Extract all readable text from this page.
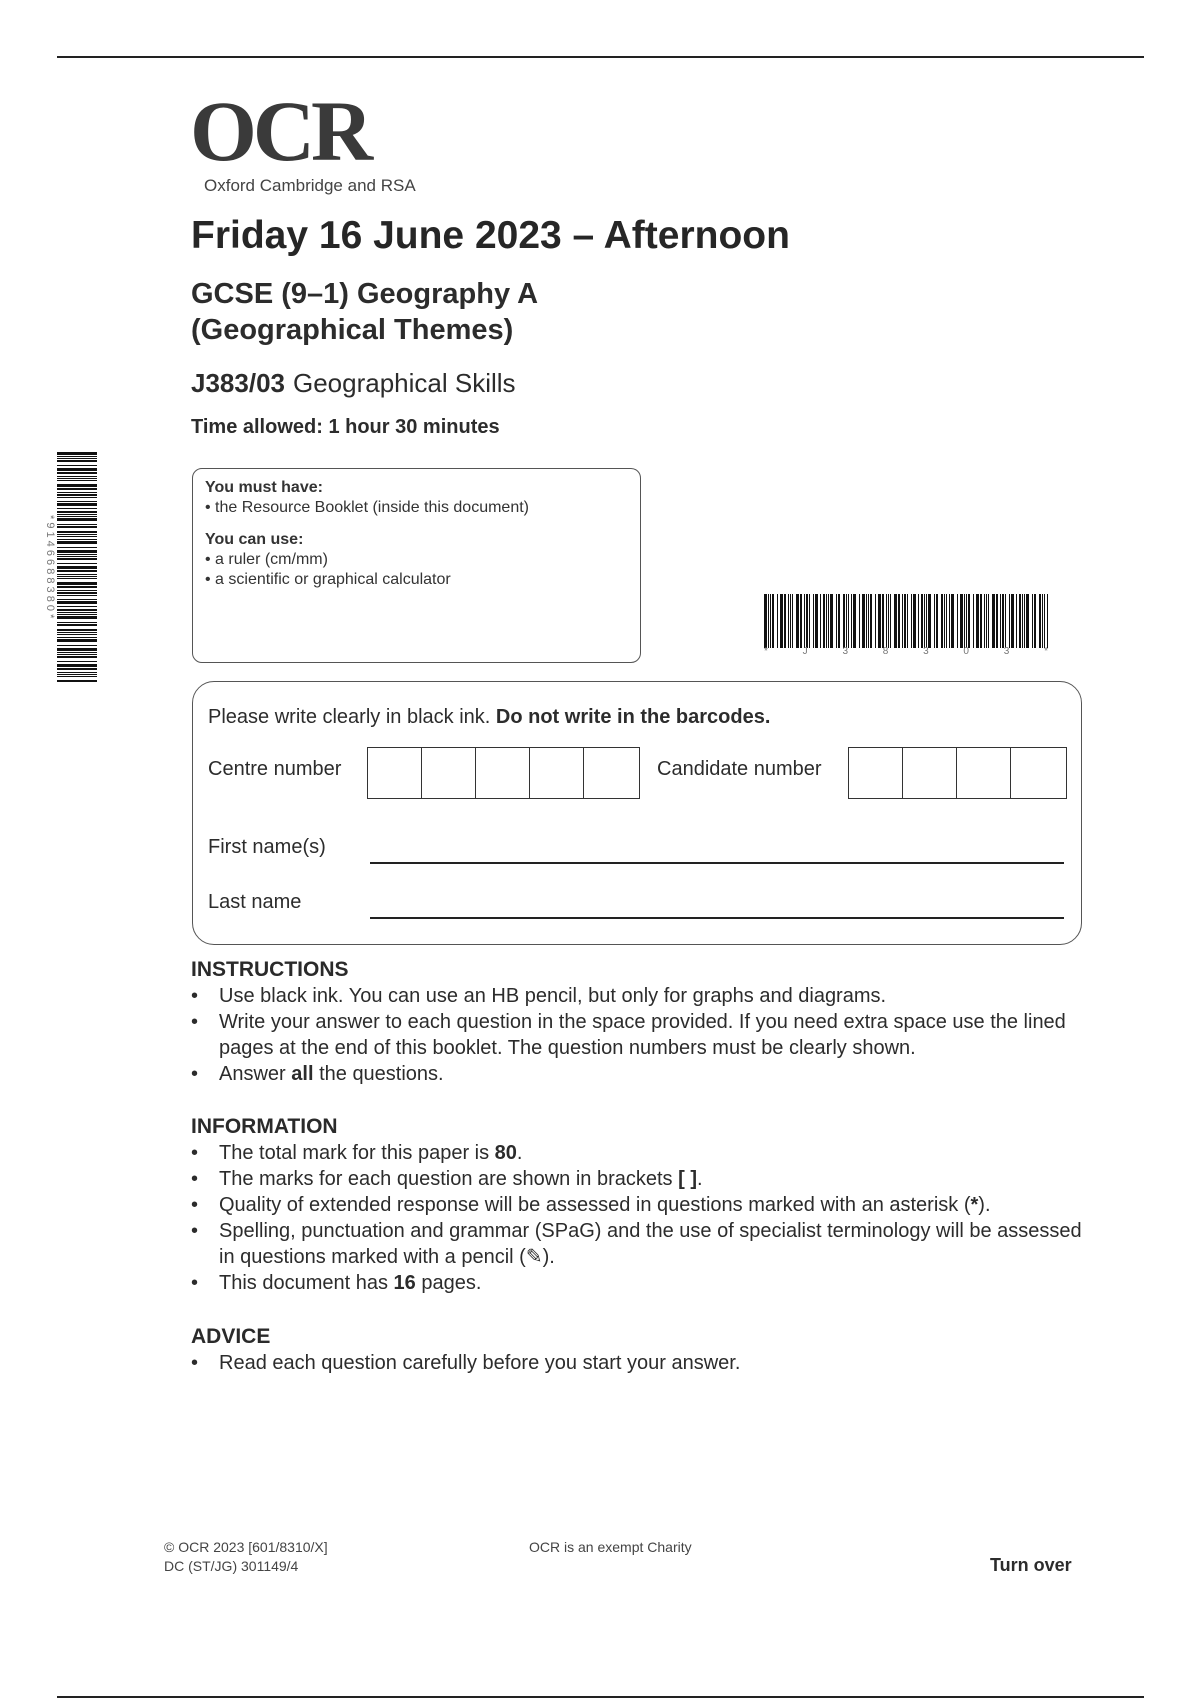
OCR
Oxford Cambridge and RSA
Friday 16 June 2023 – Afternoon
GCSE (9–1) Geography A
(Geographical Themes)
J383/03 Geographical Skills
Time allowed: 1 hour 30 minutes
You must have:
• the Resource Booklet (inside this document)
You can use:
• a ruler (cm/mm)
• a scientific or graphical calculator
* 9 1 4 6 6 8 8 3 8 0 *
*	J	3	8	3	0	3	*
Please write clearly in black ink. Do not write in the barcodes.
Centre number	Candidate number
First name(s)
Last name
INSTRUCTIONS
•	Use black ink. You can use an HB pencil, but only for graphs and diagrams.
•	Write your answer to each question in the space provided. If you need extra space use the lined pages at the end of this booklet. The question numbers must be clearly shown.
•	Answer all the questions.
INFORMATION
•	The total mark for this paper is 80.
•	The marks for each question are shown in brackets [ ].
•	Quality of extended response will be assessed in questions marked with an asterisk (*).
•	Spelling, punctuation and grammar (SPaG) and the use of specialist terminology will be assessed in questions marked with a pencil (✎).
•	This document has 16 pages.
ADVICE
•	Read each question carefully before you start your answer.
© OCR 2023 [601/8310/X]
DC (ST/JG) 301149/4
OCR is an exempt Charity
Turn over
